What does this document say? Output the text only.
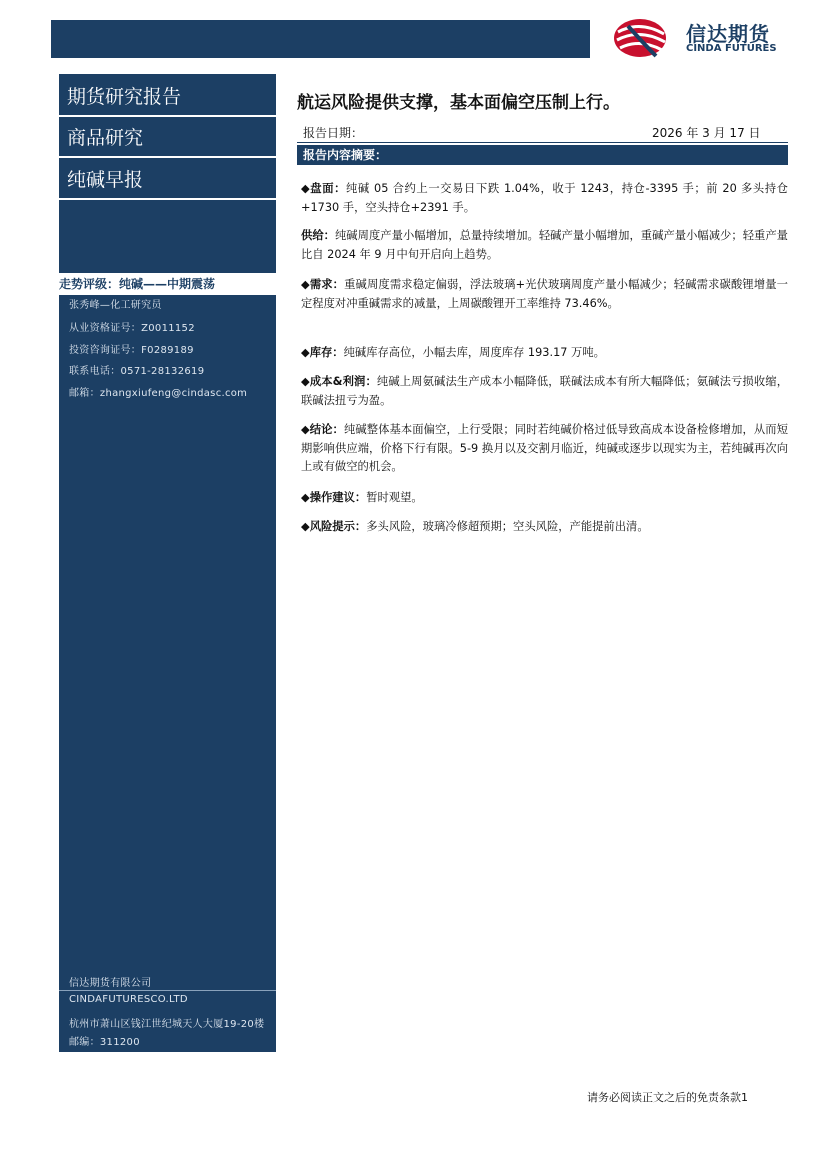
信达期货
CINDA FUTURES
期货研究报告
商品研究
纯碱早报
走势评级：纯碱——中期震荡
张秀峰—化工研究员
从业资格证号：Z0011152
投资咨询证号：F0289189
联系电话：0571-28132619
邮箱：zhangxiufeng@cindasc.com
信达期货有限公司
CINDAFUTURESCO.LTD
杭州市萧山区钱江世纪城天人大厦19-20楼
邮编：311200
航运风险提供支撑，基本面偏空压制上行。
报告日期：	2026 年 3 月 17 日
报告内容摘要：
◆盘面：纯碱 05 合约上一交易日下跌 1.04%，收于 1243，持仓-3395 手；前 20 多头持仓+1730 手，空头持仓+2391 手。
供给：纯碱周度产量小幅增加，总量持续增加。轻碱产量小幅增加，重碱产量小幅减少；轻重产量比自 2024 年 9 月中旬开启向上趋势。
◆需求：重碱周度需求稳定偏弱，浮法玻璃+光伏玻璃周度产量小幅减少；轻碱需求碳酸锂增量一定程度对冲重碱需求的减量，上周碳酸锂开工率维持 73.46%。
◆库存：纯碱库存高位，小幅去库，周度库存 193.17 万吨。
◆成本&利润：纯碱上周氨碱法生产成本小幅降低，联碱法成本有所大幅降低；氨碱法亏损收缩，联碱法扭亏为盈。
◆结论：纯碱整体基本面偏空，上行受限；同时若纯碱价格过低导致高成本设备检修增加，从而短期影响供应端，价格下行有限。5-9 换月以及交割月临近，纯碱或逐步以现实为主，若纯碱再次向上或有做空的机会。
◆操作建议：暂时观望。
◆风险提示：多头风险，玻璃冷修超预期；空头风险，产能提前出清。
请务必阅读正文之后的免责条款1
